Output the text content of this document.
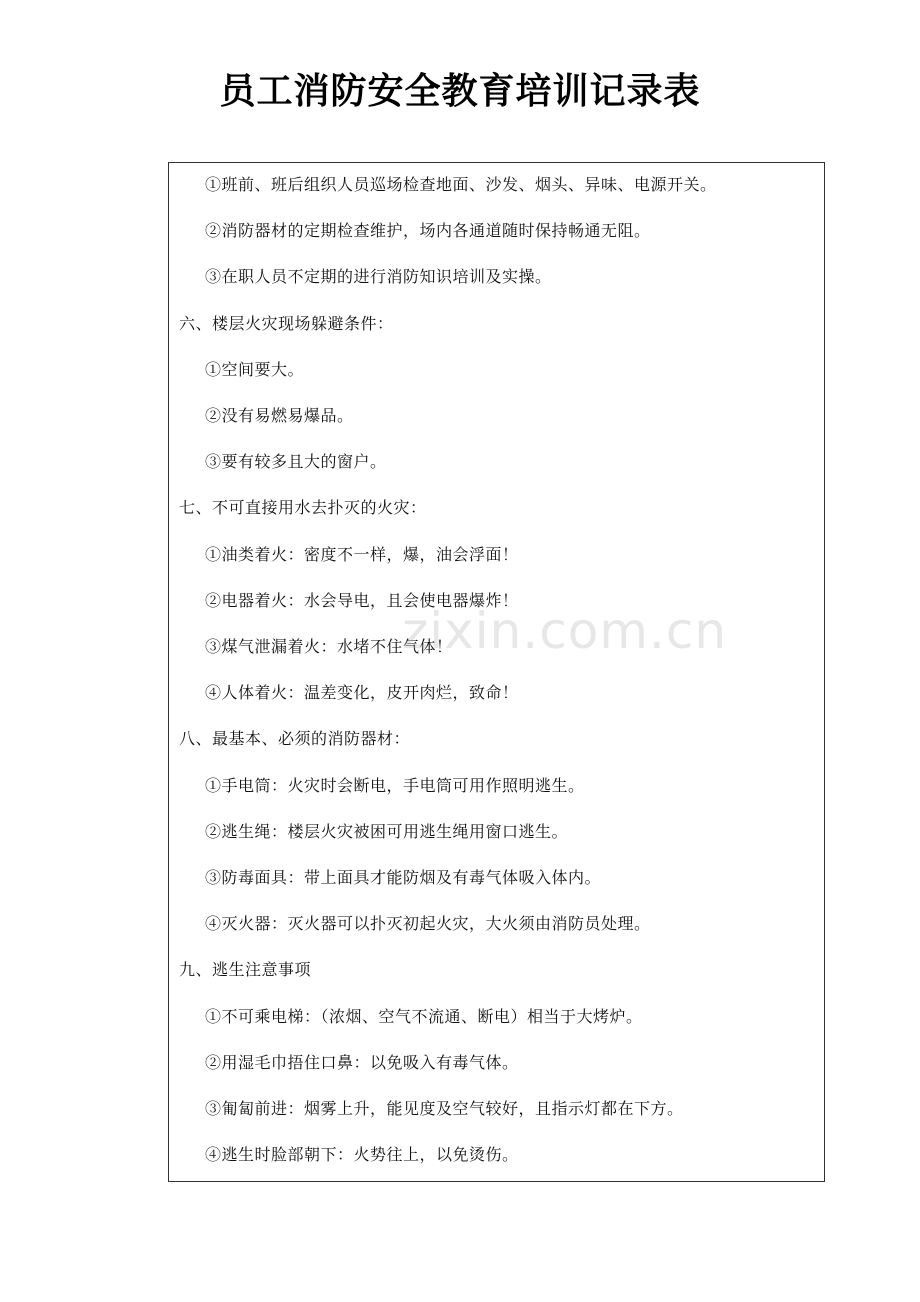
员工消防安全教育培训记录表
①班前、班后组织人员巡场检查地面、沙发、烟头、异味、电源开关。
②消防器材的定期检查维护，场内各通道随时保持畅通无阻。
③在职人员不定期的进行消防知识培训及实操。
六、楼层火灾现场躲避条件：
①空间要大。
②没有易燃易爆品。
③要有较多且大的窗户。
七、不可直接用水去扑灭的火灾：
①油类着火：密度不一样，爆，油会浮面！
②电器着火：水会导电，且会使电器爆炸！
③煤气泄漏着火：水堵不住气体！
④人体着火：温差变化，皮开肉烂，致命！
八、最基本、必须的消防器材：
①手电筒：火灾时会断电，手电筒可用作照明逃生。
②逃生绳：楼层火灾被困可用逃生绳用窗口逃生。
③防毒面具：带上面具才能防烟及有毒气体吸入体内。
④灭火器：灭火器可以扑灭初起火灾，大火须由消防员处理。
九、逃生注意事项
①不可乘电梯：（浓烟、空气不流通、断电）相当于大烤炉。
②用湿毛巾捂住口鼻：以免吸入有毒气体。
③匍匐前进：烟雾上升，能见度及空气较好，且指示灯都在下方。
④逃生时脸部朝下：火势往上，以免烫伤。
zixin.com.cn
